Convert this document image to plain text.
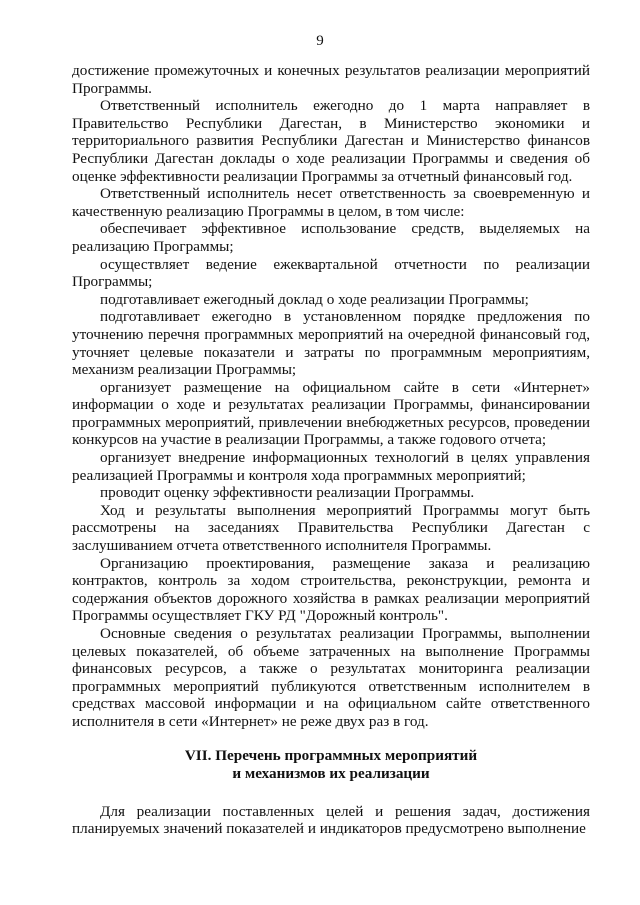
9

достижение промежуточных и конечных результатов реализации мероприятий Программы.

Ответственный исполнитель ежегодно до 1 марта направляет в Правительство Республики Дагестан, в Министерство экономики и территориального развития Республики Дагестан и Министерство финансов Республики Дагестан доклады о ходе реализации Программы и сведения об оценке эффективности реализации Программы за отчетный финансовый год.

Ответственный исполнитель несет ответственность за своевременную и качественную реализацию Программы в целом, в том числе:

обеспечивает эффективное использование средств, выделяемых на реализацию Программы;

осуществляет ведение ежеквартальной отчетности по реализации Программы;

подготавливает ежегодный доклад о ходе реализации Программы;

подготавливает ежегодно в установленном порядке предложения по уточнению перечня программных мероприятий на очередной финансовый год, уточняет целевые показатели и затраты по программным мероприятиям, механизм реализации Программы;

организует размещение на официальном сайте в сети «Интернет» информации о ходе и результатах реализации Программы, финансировании программных мероприятий, привлечении внебюджетных ресурсов, проведении конкурсов на участие в реализации Программы, а также годового отчета;

организует внедрение информационных технологий в целях управления реализацией Программы и контроля хода программных мероприятий;

проводит оценку эффективности реализации Программы.

Ход и результаты выполнения мероприятий Программы могут быть рассмотрены на заседаниях Правительства Республики Дагестан с заслушиванием отчета ответственного исполнителя Программы.

Организацию проектирования, размещение заказа и реализацию контрактов, контроль за ходом строительства, реконструкции, ремонта и содержания объектов дорожного хозяйства в рамках реализации мероприятий Программы осуществляет ГКУ РД "Дорожный контроль".

Основные сведения о результатах реализации Программы, выполнении целевых показателей, об объеме затраченных на выполнение Программы финансовых ресурсов, а также о результатах мониторинга реализации программных мероприятий публикуются ответственным исполнителем в средствах массовой информации и на официальном сайте ответственного исполнителя в сети «Интернет» не реже двух раз в год.

VII. Перечень программных мероприятий
и механизмов их реализации

Для реализации поставленных целей и решения задач, достижения планируемых значений показателей и индикаторов предусмотрено выполнение
